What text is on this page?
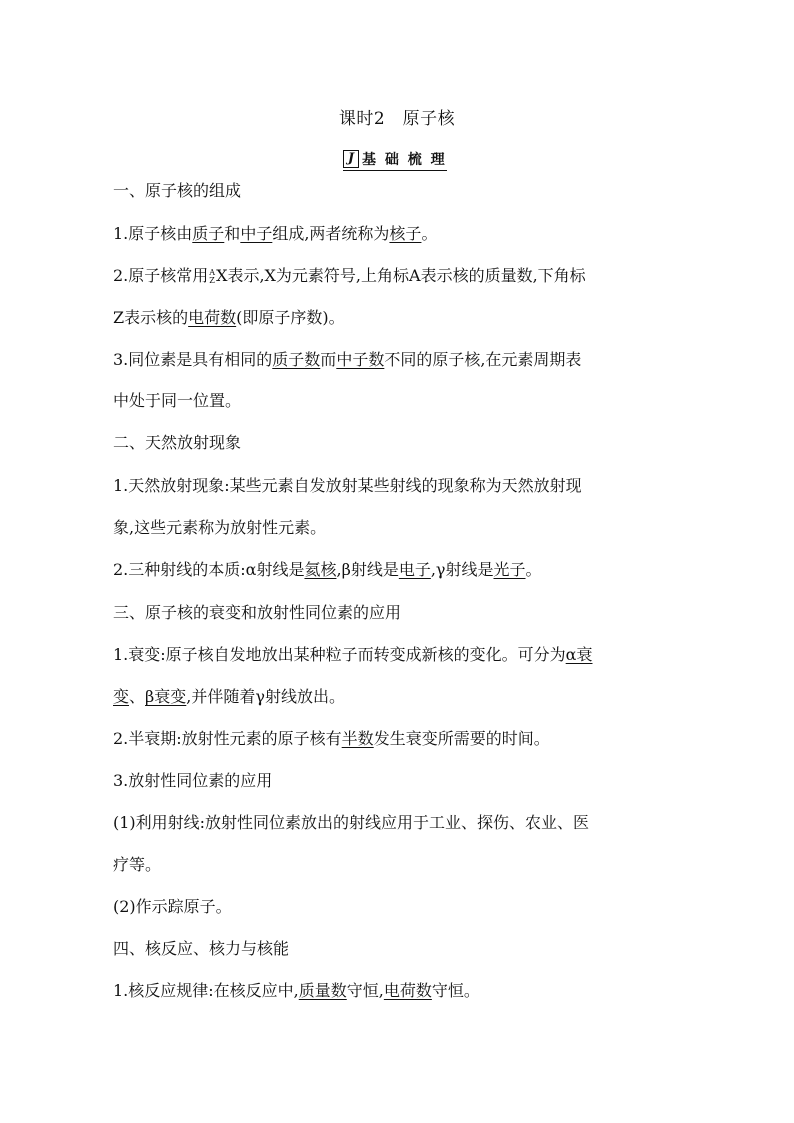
课时2　原子核
J 基 础 梳 理
一、原子核的组成
1.原子核由质子和中子组成,两者统称为核子。
2.原子核常用A
ZX表示,X为元素符号,上角标A表示核的质量数,下角标
Z表示核的电荷数(即原子序数)。
3.同位素是具有相同的质子数而中子数不同的原子核,在元素周期表
中处于同一位置。
二、天然放射现象
1.天然放射现象:某些元素自发放射某些射线的现象称为天然放射现
象,这些元素称为放射性元素。
2.三种射线的本质:α射线是氦核,β射线是电子,γ射线是光子。
三、原子核的衰变和放射性同位素的应用
1.衰变:原子核自发地放出某种粒子而转变成新核的变化。可分为α衰
变、β衰变,并伴随着γ射线放出。
2.半衰期:放射性元素的原子核有半数发生衰变所需要的时间。
3.放射性同位素的应用
(1)利用射线:放射性同位素放出的射线应用于工业、探伤、农业、医
疗等。
(2)作示踪原子。
四、核反应、核力与核能
1.核反应规律:在核反应中,质量数守恒,电荷数守恒。
